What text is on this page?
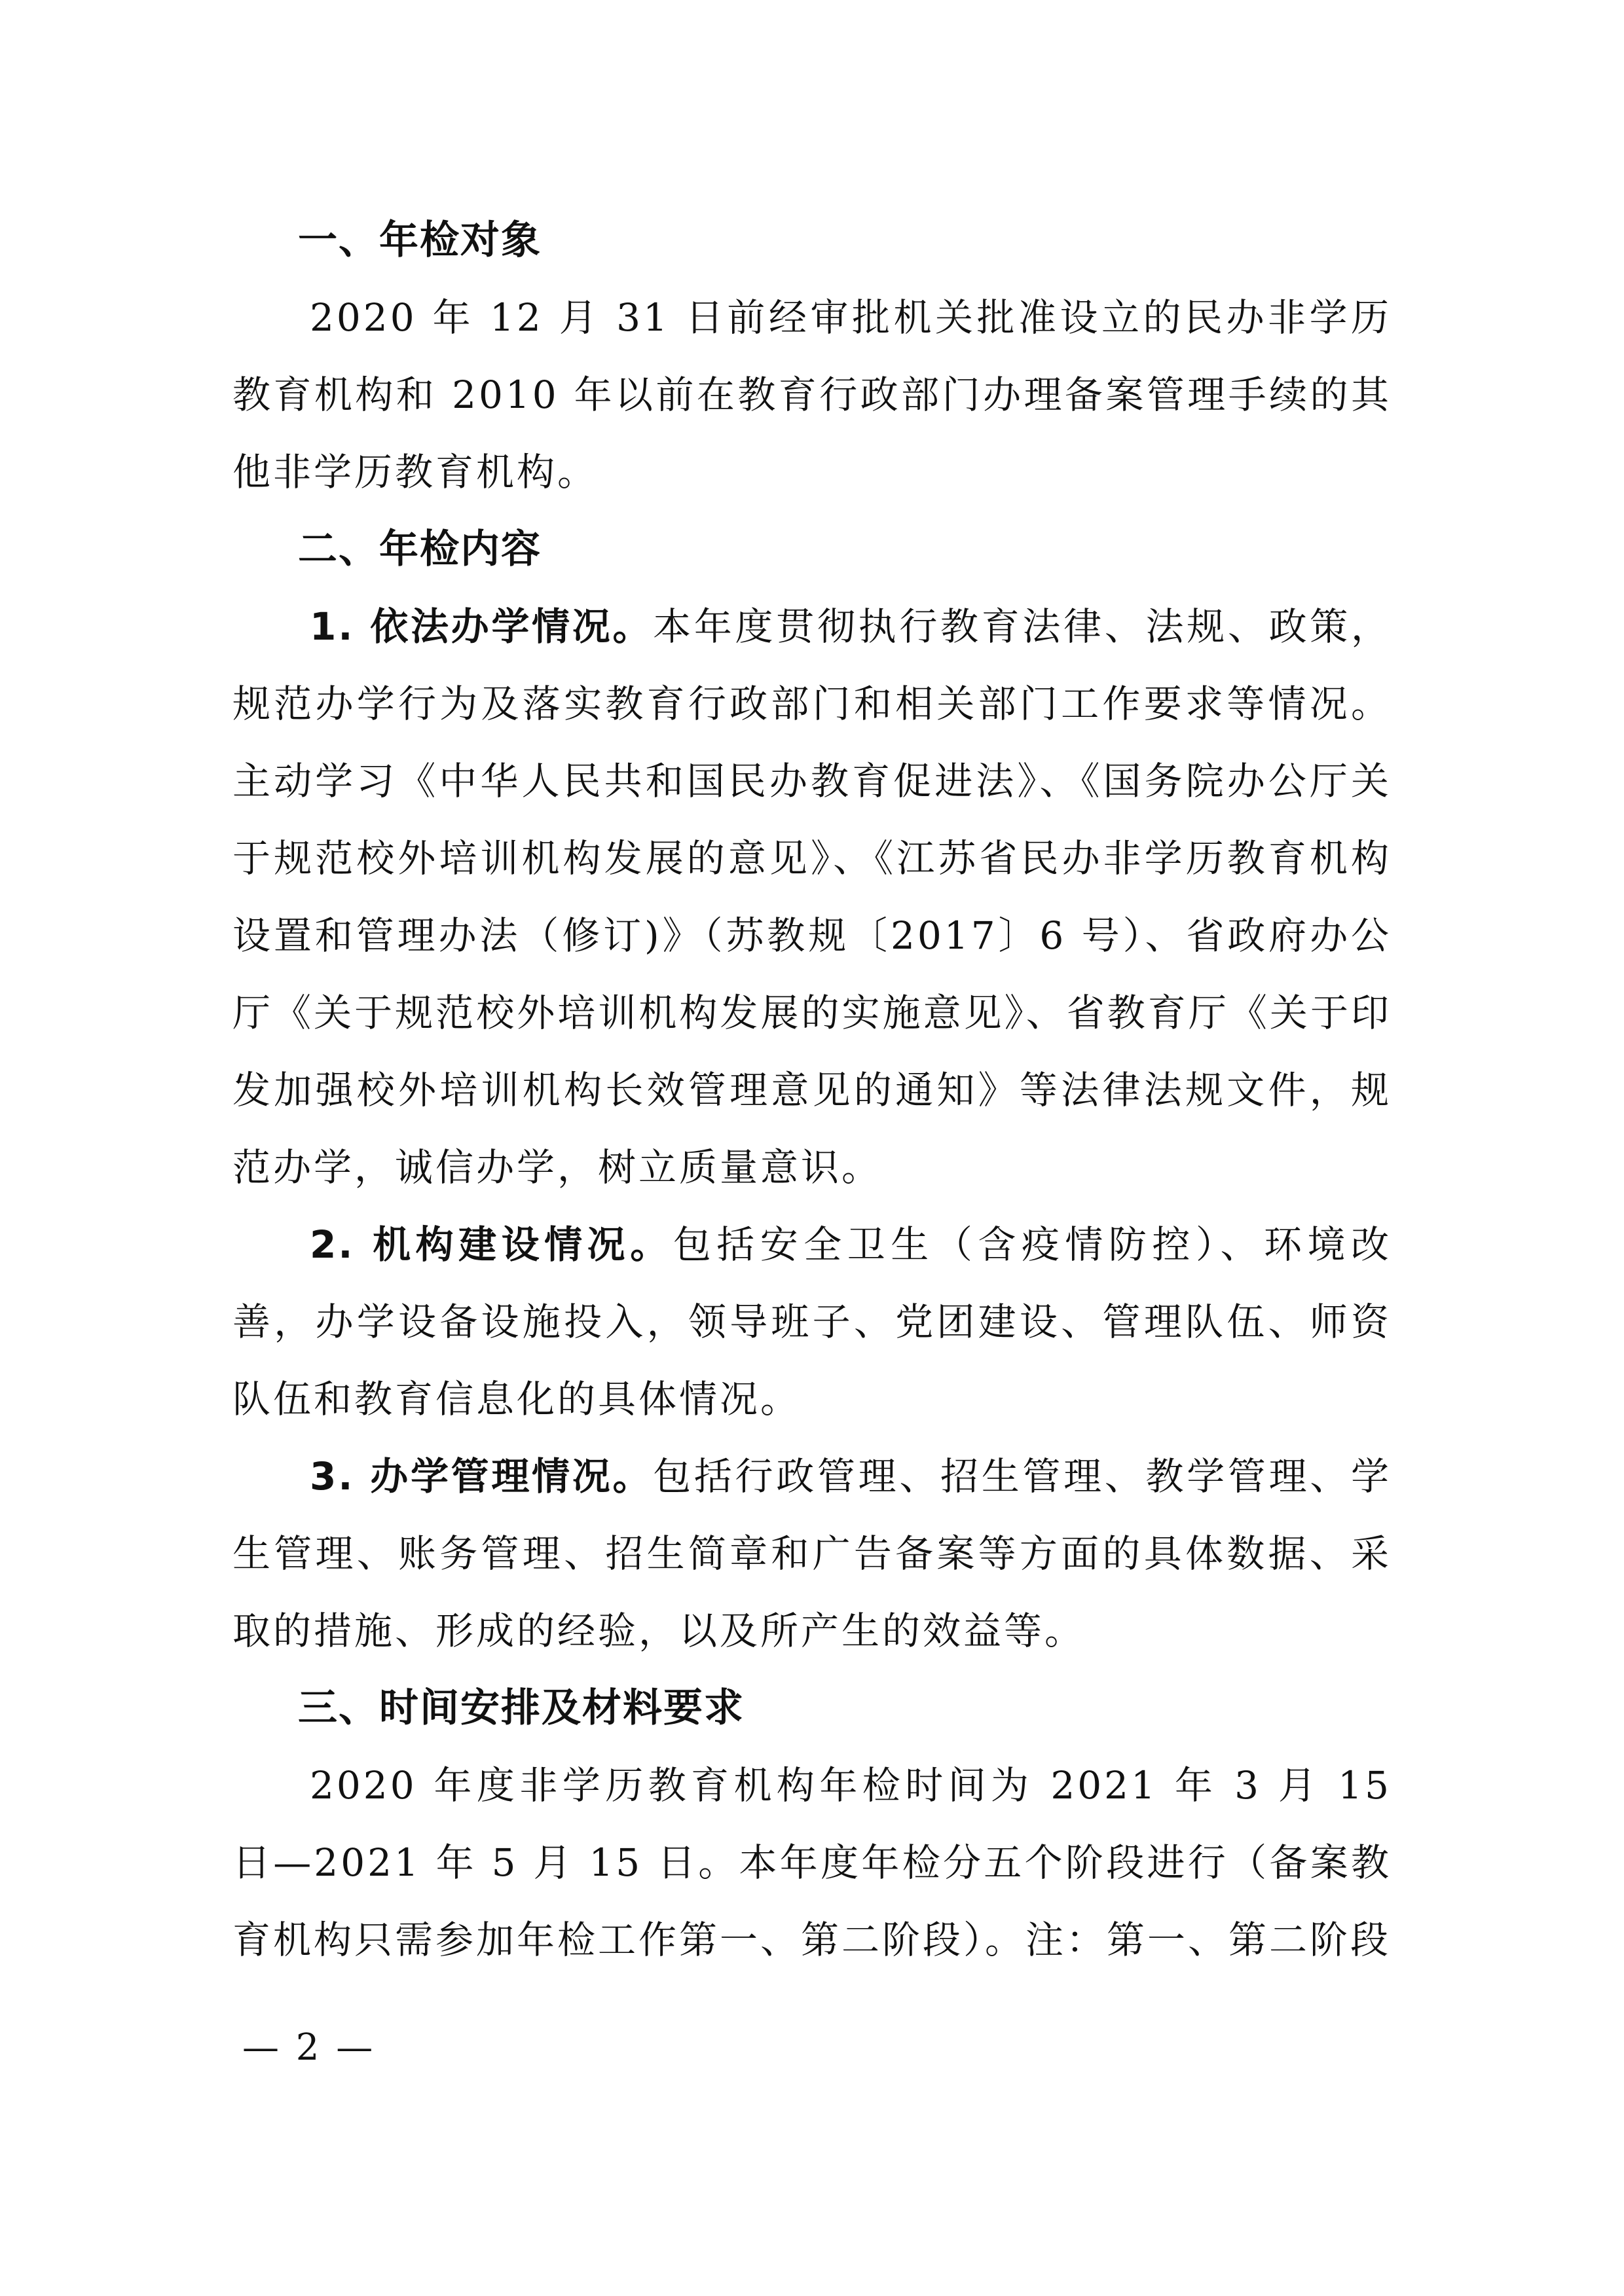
一、年检对象

2020 年 12 月 31 日前经审批机关批准设立的民办非学历教育机构和 2010 年以前在教育行政部门办理备案管理手续的其他非学历教育机构。

二、年检内容

1. 依法办学情况。本年度贯彻执行教育法律、法规、政策，规范办学行为及落实教育行政部门和相关部门工作要求等情况。主动学习《中华人民共和国民办教育促进法》、《国务院办公厅关于规范校外培训机构发展的意见》、《江苏省民办非学历教育机构设置和管理办法（修订)》（苏教规〔2017〕6 号）、省政府办公厅《关于规范校外培训机构发展的实施意见》、省教育厅《关于印发加强校外培训机构长效管理意见的通知》等法律法规文件，规范办学，诚信办学，树立质量意识。

2. 机构建设情况。包括安全卫生（含疫情防控）、环境改善，办学设备设施投入，领导班子、党团建设、管理队伍、师资队伍和教育信息化的具体情况。

3. 办学管理情况。包括行政管理、招生管理、教学管理、学生管理、账务管理、招生简章和广告备案等方面的具体数据、采取的措施、形成的经验，以及所产生的效益等。

三、时间安排及材料要求

2020 年度非学历教育机构年检时间为 2021 年 3 月 15 日—2021 年 5 月 15 日。本年度年检分五个阶段进行（备案教育机构只需参加年检工作第一、第二阶段）。注：第一、第二阶段

— 2 —
